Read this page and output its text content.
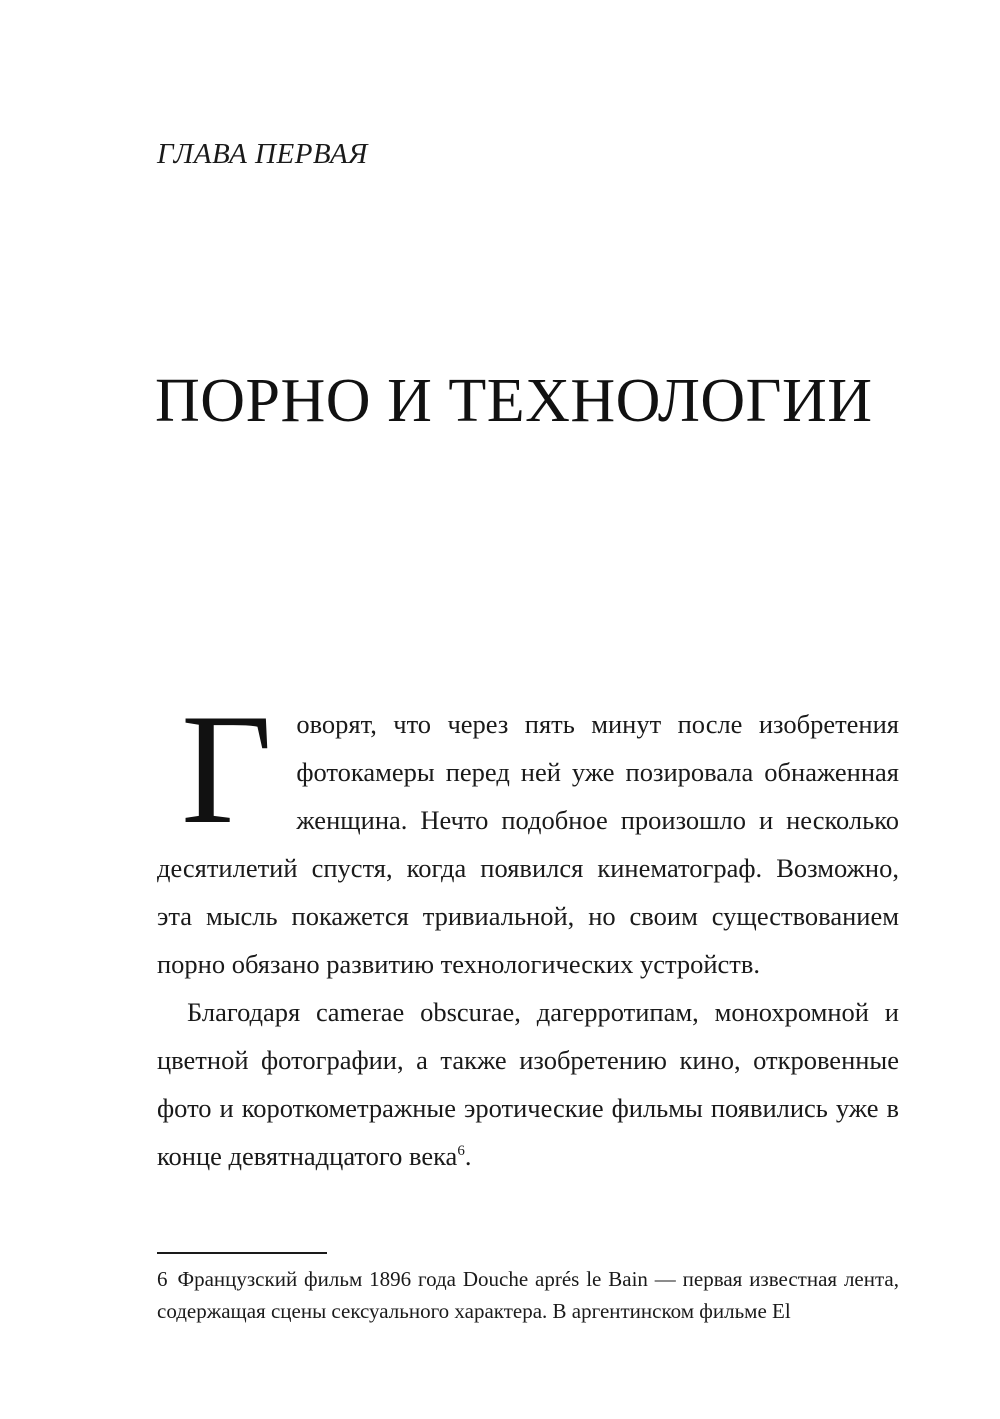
ГЛАВА ПЕРВАЯ
ПОРНО И ТЕХНОЛОГИИ

Говорят, что через пять минут после изобретения фотокамеры перед ней уже позировала обнаженная женщина. Нечто подобное произошло и несколько десятилетий спустя, когда появился кинематограф. Возможно, эта мысль покажется тривиальной, но своим существованием порно обязано развитию технологических устройств.

Благодаря camerae obscurae, дагерротипам, монохромной и цветной фотографии, а также изобретению кино, откровенные фото и короткометражные эротические фильмы появились уже в конце девятнадцатого века$^6$.

6 Французский фильм 1896 года Douche aprés le Bain — первая известная лента, содержащая сцены сексуального характера. В аргентинском фильме El
